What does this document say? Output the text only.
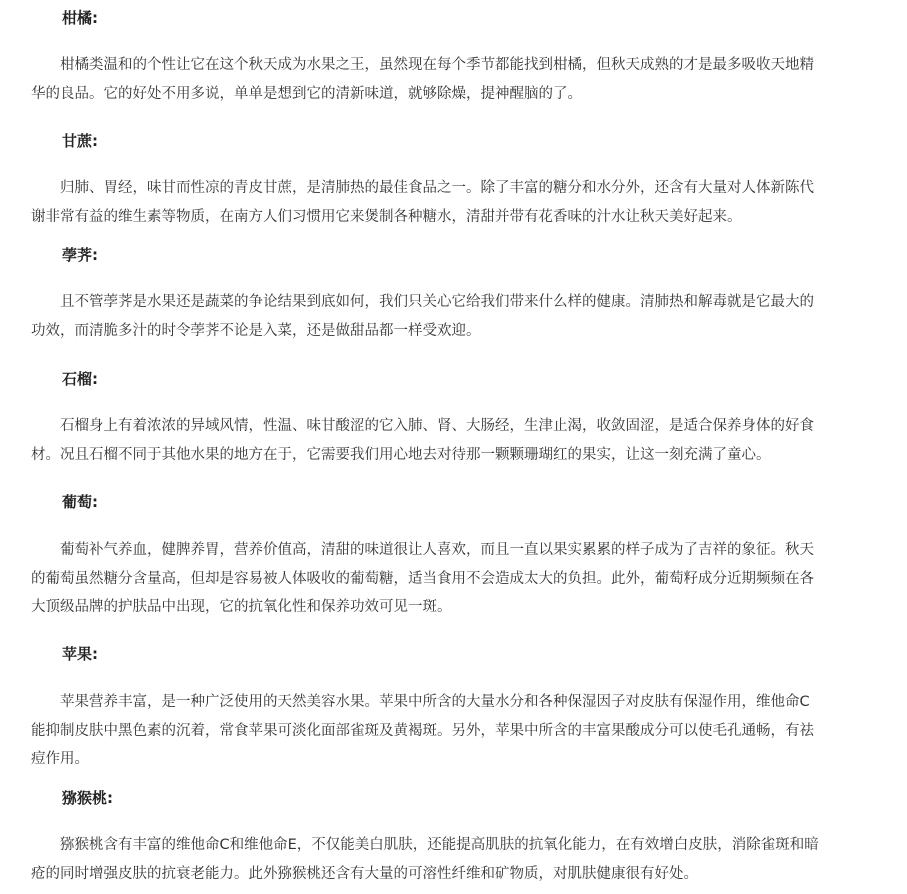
柑橘:
柑橘类温和的个性让它在这个秋天成为水果之王，虽然现在每个季节都能找到柑橘，但秋天成熟的才是最多吸收天地精
华的良品。它的好处不用多说，单单是想到它的清新味道，就够除燥，提神醒脑的了。
甘蔗:
归肺、胃经，味甘而性凉的青皮甘蔗，是清肺热的最佳食品之一。除了丰富的糖分和水分外，还含有大量对人体新陈代
谢非常有益的维生素等物质，在南方人们习惯用它来煲制各种糖水，清甜并带有花香味的汁水让秋天美好起来。
荸荠:
且不管荸荠是水果还是蔬菜的争论结果到底如何，我们只关心它给我们带来什么样的健康。清肺热和解毒就是它最大的
功效，而清脆多汁的时令荸荠不论是入菜，还是做甜品都一样受欢迎。
石榴:
石榴身上有着浓浓的异域风情，性温、味甘酸涩的它入肺、肾、大肠经，生津止渴，收敛固涩，是适合保养身体的好食
材。况且石榴不同于其他水果的地方在于，它需要我们用心地去对待那一颗颗珊瑚红的果实，让这一刻充满了童心。
葡萄:
葡萄补气养血，健脾养胃，营养价值高，清甜的味道很让人喜欢，而且一直以果实累累的样子成为了吉祥的象征。秋天
的葡萄虽然糖分含量高，但却是容易被人体吸收的葡萄糖，适当食用不会造成太大的负担。此外，葡萄籽成分近期频频在各
大顶级品牌的护肤品中出现，它的抗氧化性和保养功效可见一斑。
苹果:
苹果营养丰富，是一种广泛使用的天然美容水果。苹果中所含的大量水分和各种保湿因子对皮肤有保湿作用，维他命C
能抑制皮肤中黑色素的沉着，常食苹果可淡化面部雀斑及黄褐斑。另外，苹果中所含的丰富果酸成分可以使毛孔通畅，有祛
痘作用。
猕猴桃:
猕猴桃含有丰富的维他命C和维他命E，不仅能美白肌肤，还能提高肌肤的抗氧化能力，在有效增白皮肤，消除雀斑和暗
疮的同时增强皮肤的抗衰老能力。此外猕猴桃还含有大量的可溶性纤维和矿物质，对肌肤健康很有好处。
